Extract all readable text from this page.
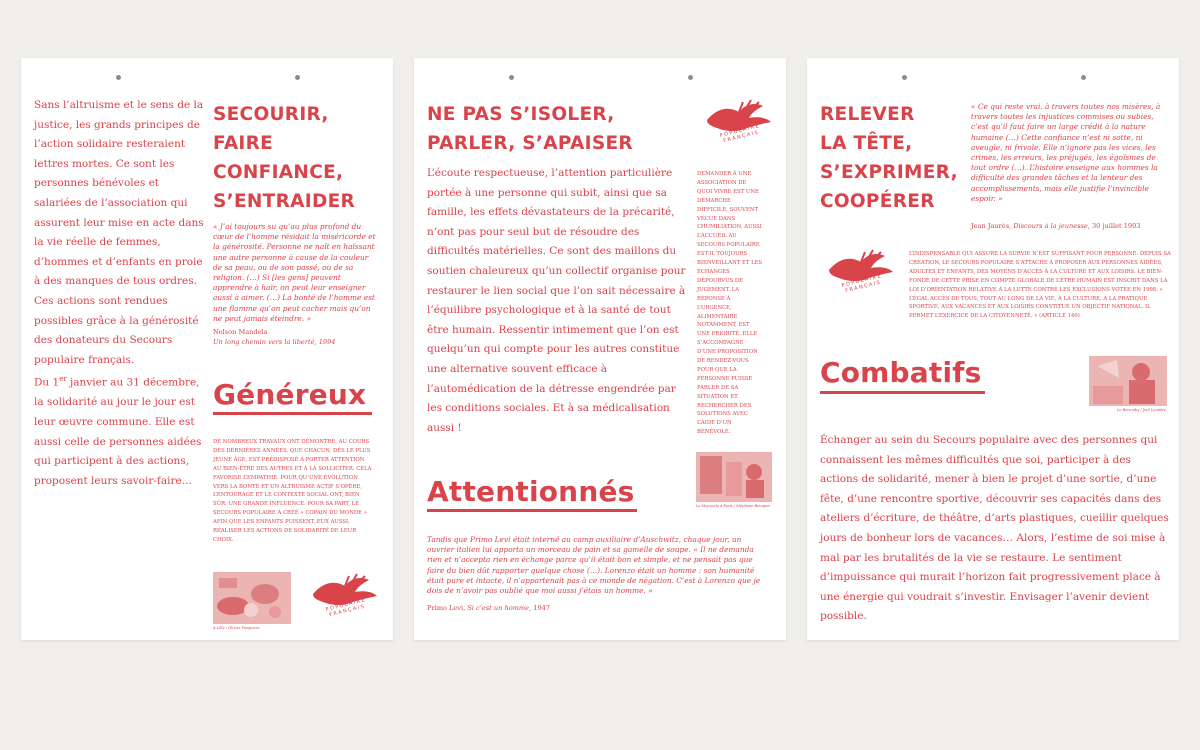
Sans l’altruisme et le sens de la justice, les grands principes de l’action solidaire resteraient lettres mortes. Ce sont les personnes bénévoles et salariées de l’association qui assurent leur mise en acte dans la vie réelle de femmes, d’hommes et d’enfants en proie à des manques de tous ordres. Ces actions sont rendues possibles grâce à la générosité des donateurs du Secours populaire français.
Du 1er janvier au 31 décembre, la solidarité au jour le jour est leur œuvre commune. Elle est aussi celle de personnes aidées qui participent à des actions, proposent leurs savoir-faire…

SECOURIR,
FAIRE
CONFIANCE,
S’ENTRAIDER

« J’ai toujours su qu’au plus profond du cœur de l’homme résidait la miséricorde et la générosité. Personne ne naît en haïssant une autre personne à cause de la couleur de sa peau, ou de son passé, ou de sa religion. (…) Si [les gens] peuvent apprendre à haïr, on peut leur enseigner aussi à aimer. (…) La bonté de l’homme est une flamme qu’on peut cacher mais qu’on ne peut jamais éteindre. »

Nelson Mandela

Un long chemin vers la liberté, 1994

Généreux

DE NOMBREUX TRAVAUX ONT DÉMONTRÉ, AU COURS DES DERNIÈRES ANNÉES, QUE CHACUN, DÈS LE PLUS JEUNE ÂGE, EST PRÉDISPOSÉ À PORTER ATTENTION AU BIEN-ÊTRE DES AUTRES ET À LA SOLLICITER. CELA FAVORISE L’EMPATHIE. POUR QU’UNE ÉVOLUTION VERS LA BONTÉ ET UN ALTRUISME ACTIF S’OPÈRE, L’ENTOURAGE ET LE CONTEXTE SOCIAL ONT, BIEN SÛR, UNE GRANDE INFLUENCE. POUR SA PART, LE SECOURS POPULAIRE A CRÉÉ « COPAIN DU MONDE » AFIN QUE LES ENFANTS PUISSENT, EUX AUSSI, RÉALISER LES ACTIONS DE SOLIDARITÉ DE LEUR CHOIX.

À Lille / Olivier Pasquiers

SECOURS POPULAIRE FRANÇAIS
NE PAS S’ISOLER,
PARLER, S’APAISER
SECOURS POPULAIRE FRANÇAIS

L’écoute respectueuse, l’attention particulière portée à une personne qui subit, ainsi que sa famille, les effets dévastateurs de la précarité, n’ont pas pour seul but de résoudre des difficultés matérielles. Ce sont des maillons du soutien chaleureux qu’un collectif organise pour restaurer le lien social que l’on sait nécessaire à l’équilibre psychologique et à la santé de tout être humain. Ressentir intimement que l’on est quelqu’un qui compte pour les autres constitue une alternative souvent efficace à l’automédication de la détresse engendrée par les conditions sociales. Et à sa médicalisation aussi !

DEMANDER À UNE ASSOCIATION DE QUOI VIVRE EST UNE DÉMARCHE DIFFICILE, SOUVENT VÉCUE DANS L’HUMILIATION. AUSSI L’ACCUEIL AU SECOURS POPULAIRE EST-IL TOUJOURS BIENVEILLANT ET LES ÉCHANGES DÉPOURVUS DE JUGEMENT. LA RÉPONSE À L’URGENCE, ALIMENTAIRE NOTAMMENT, EST UNE PRIORITÉ. ELLE S’ACCOMPAGNE D’UNE PROPOSITION DE RENDEZ-VOUS POUR QUE LA PERSONNE PUISSE PARLER DE SA SITUATION ET RECHERCHER DES SOLUTIONS AVEC L’AIDE D’UN BÉNÉVOLE.

Le Mucuscle à Paris / Stéphane Beuquet

Attentionnés

Tandis que Primo Levi était interné au camp auxiliaire d’Auschwitz, chaque jour, un ouvrier italien lui apporta un morceau de pain et sa gamelle de soupe. « Il ne demanda rien et n’accepta rien en échange parce qu’il était bon et simple, et ne pensait pas que faire du bien dût rapporter quelque chose (…). Lorenzo était un homme : son humanité était pure et intacte, il n’appartenait pas à ce monde de négation. C’est à Lorenzo que je dois de n’avoir pas oublié que moi aussi j’étais un homme. »

Primo Levi, Si c’est un homme, 1947

RELEVER
LA TÊTE,
S’EXPRIMER,
COOPÉRER

« Ce qui reste vrai, à travers toutes nos misères, à travers toutes les injustices commises ou subies, c’est qu’il faut faire un large crédit à la nature humaine (…) Cette confiance n’est ni sotte, ni aveugle, ni frivole. Elle n’ignore pas les vices, les crimes, les erreurs, les préjugés, les égoïsmes de tout ordre (…). L’histoire enseigne aux hommes la difficulté des grandes tâches et la lenteur des accomplissements, mais elle justifie l’invincible espoir. »

Jean Jaurès, Discours à la jeunesse, 30 juillet 1903

SECOURS POPULAIRE FRANÇAIS

L’INDISPENSABLE QUI ASSURE LA SURVIE N’EST SUFFISANT POUR PERSONNE. DEPUIS SA CRÉATION, LE SECOURS POPULAIRE S’ATTACHE À PROPOSER AUX PERSONNES AIDÉES, ADULTES ET ENFANTS, DES MOYENS D’ACCÈS À LA CULTURE ET AUX LOISIRS. LE BIEN-FONDÉ DE CETTE PRISE EN COMPTE GLOBALE DE L’ÊTRE HUMAIN EST INSCRIT DANS LA LOI D’ORIENTATION RELATIVE À LA LUTTE CONTRE LES EXCLUSIONS VOTÉE EN 1998. « L’ÉGAL ACCÈS DE TOUS, TOUT AU LONG DE LA VIE, À LA CULTURE, À LA PRATIQUE SPORTIVE, AUX VACANCES ET AUX LOISIRS CONSTITUE UN OBJECTIF NATIONAL. IL PERMET L’EXERCICE DE LA CITOYENNETÉ. » (ARTICLE 140)

Combatifs

Le Béruniby / Joel Lumière

Échanger au sein du Secours populaire avec des personnes qui connaissent les mêmes difficultés que soi, participer à des actions de solidarité, mener à bien le projet d’une sortie, d’une fête, d’une rencontre sportive, découvrir ses capacités dans des ateliers d’écriture, de théâtre, d’arts plastiques, cueillir quelques jours de bonheur lors de vacances… Alors, l’estime de soi mise à mal par les brutalités de la vie se restaure. Le sentiment d’impuissance qui murait l’horizon fait progressivement place à une énergie qui voudrait s’investir. Envisager l’avenir devient possible.
